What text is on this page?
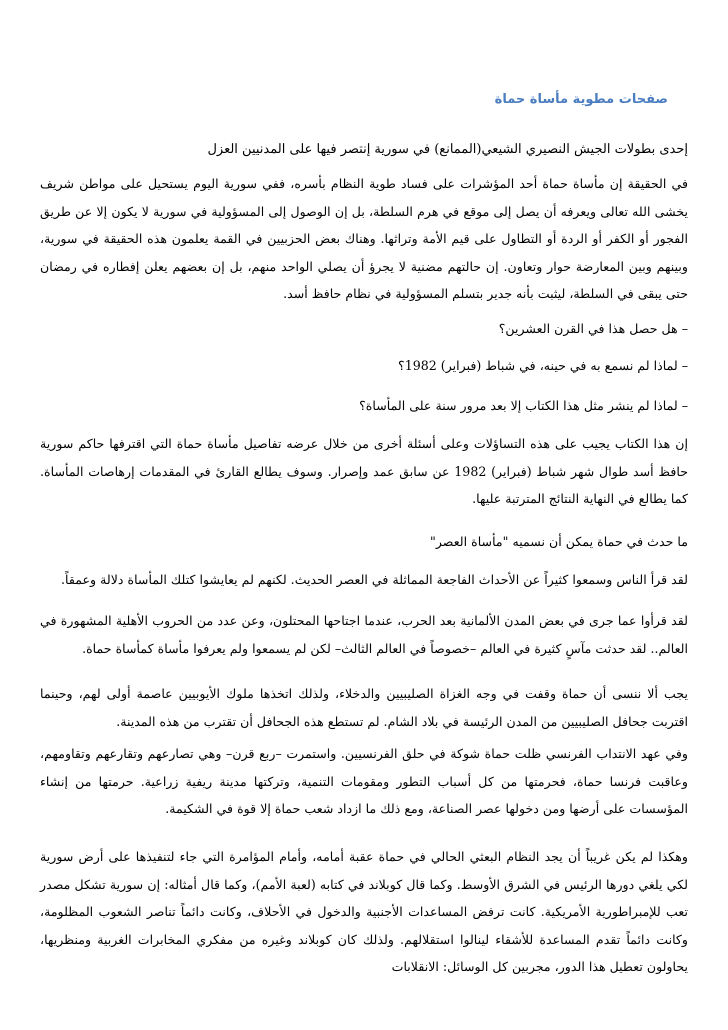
صفحات مطوية مأساة حماة
إحدى بطولات الجيش النصيري الشيعي(الممانع) في سورية إنتصر فيها على المدنيين العزل
في الحقيقة إن مأساة حماة أحد المؤشرات على فساد طوية النظام بأسره، ففي سورية اليوم يستحيل على مواطن شريف يخشى الله تعالى ويعرفه أن يصل إلى موقع في هرم السلطة، بل إن الوصول إلى المسؤولية في سورية لا يكون إلا عن طريق الفجور أو الكفر أو الردة أو التطاول على قيم الأمة وتراثها. وهناك بعض الحزبيين في القمة يعلمون هذه الحقيقة في سورية، وبينهم وبين المعارضة حوار وتعاون. إن حالتهم مضنية لا يجرؤ أن يصلي الواحد منهم، بل إن بعضهم يعلن إفطاره في رمضان حتى يبقى في السلطة، ليثبت بأنه جدير بتسلم المسؤولية في نظام حافظ أسد.
– هل حصل هذا في القرن العشرين؟
– لماذا لم نسمع به في حينه، في شباط (فبراير) 1982؟
– لماذا لم ينشر مثل هذا الكتاب إلا بعد مرور سنة على المأساة؟
إن هذا الكتاب يجيب على هذه التساؤلات وعلى أسئلة أخرى من خلال عرضه تفاصيل مأساة حماة التي اقترفها حاكم سورية حافظ أسد طوال شهر شباط (فبراير) 1982 عن سابق عمد وإصرار. وسوف يطالع القارئ في المقدمات إرهاصات المأساة. كما يطالع في النهاية النتائج المترتبة عليها.
ما حدث في حماة يمكن أن نسميه "مأساة العصر"
لقد قرأ الناس وسمعوا كثيراً عن الأحداث الفاجعة المماثلة في العصر الحديث. لكنهم لم يعايشوا كتلك المأساة دلالة وعمقاً.
لقد قرأوا عما جرى في بعض المدن الألمانية بعد الحرب، عندما اجتاحها المحتلون، وعن عدد من الحروب الأهلية المشهورة في العالم.. لقد حدثت مآسٍ كثيرة في العالم –خصوصاً في العالم الثالث– لكن لم يسمعوا ولم يعرفوا مأساة كمأساة حماة.
يجب ألا ننسى أن حماة وقفت في وجه الغزاة الصليبيين والدخلاء، ولذلك اتخذها ملوك الأيوبيين عاصمة أولى لهم، وحينما اقتربت جحافل الصليبيين من المدن الرئيسة في بلاد الشام. لم تستطع هذه الجحافل أن تقترب من هذه المدينة.
وفي عهد الانتداب الفرنسي ظلت حماة شوكة في حلق الفرنسيين. واستمرت –ربع قرن– وهي تصارعهم وتقارعهم وتقاومهم، وعاقبت فرنسا حماة، فحرمتها من كل أسباب التطور ومقومات التنمية، وتركتها مدينة ريفية زراعية. حرمتها من إنشاء المؤسسات على أرضها ومن دخولها عصر الصناعة، ومع ذلك ما ازداد شعب حماة إلا قوة في الشكيمة.
وهكذا لم يكن غريباً أن يجد النظام البعثي الحالي في حماة عقبة أمامه، وأمام المؤامرة التي جاء لتنفيذها على أرض سورية لكي يلغي دورها الرئيس في الشرق الأوسط. وكما قال كوبلاند في كتابه (لعبة الأمم)، وكما قال أمثاله: إن سورية تشكل مصدر تعب للإمبراطورية الأمريكية. كانت ترفض المساعدات الأجنبية والدخول في الأحلاف، وكانت دائماً تناصر الشعوب المظلومة، وكانت دائماً تقدم المساعدة للأشقاء لينالوا استقلالهم. ولذلك كان كوبلاند وغيره من مفكري المخابرات الغربية ومنظريها، يحاولون تعطيل هذا الدور، مجربين كل الوسائل: الانقلابات
